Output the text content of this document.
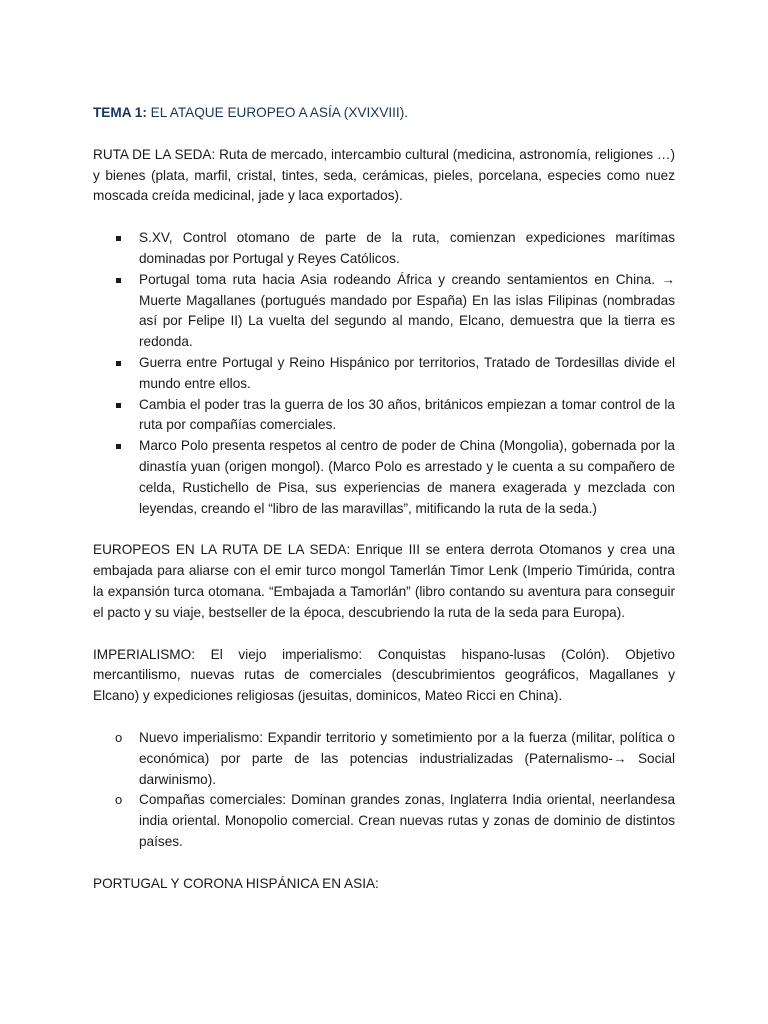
TEMA 1: EL ATAQUE EUROPEO A ASÍA (XVIXVIII).

RUTA DE LA SEDA: Ruta de mercado, intercambio cultural (medicina, astronomía, religiones …) y bienes (plata, marfil, cristal, tintes, seda, cerámicas, pieles, porcelana, especies como nuez moscada creída medicinal, jade y laca exportados).

S.XV, Control otomano de parte de la ruta, comienzan expediciones marítimas dominadas por Portugal y Reyes Católicos.
Portugal toma ruta hacia Asia rodeando África y creando sentamientos en China. → Muerte Magallanes (portugués mandado por España) En las islas Filipinas (nombradas así por Felipe II) La vuelta del segundo al mando, Elcano, demuestra que la tierra es redonda.
Guerra entre Portugal y Reino Hispánico por territorios, Tratado de Tordesillas divide el mundo entre ellos.
Cambia el poder tras la guerra de los 30 años, británicos empiezan a tomar control de la ruta por compañías comerciales.
Marco Polo presenta respetos al centro de poder de China (Mongolia), gobernada por la dinastía yuan (origen mongol). (Marco Polo es arrestado y le cuenta a su compañero de celda, Rustichello de Pisa, sus experiencias de manera exagerada y mezclada con leyendas, creando el “libro de las maravillas”, mitificando la ruta de la seda.)

EUROPEOS EN LA RUTA DE LA SEDA: Enrique III se entera derrota Otomanos y crea una embajada para aliarse con el emir turco mongol Tamerlán Timor Lenk (Imperio Timúrida, contra la expansión turca otomana. “Embajada a Tamorlán” (libro contando su aventura para conseguir el pacto y su viaje, bestseller de la época, descubriendo la ruta de la seda para Europa).

IMPERIALISMO: El viejo imperialismo: Conquistas hispano-lusas (Colón). Objetivo mercantilismo, nuevas rutas de comerciales (descubrimientos geográficos, Magallanes y Elcano) y expediciones religiosas (jesuitas, dominicos, Mateo Ricci en China).

o Nuevo imperialismo: Expandir territorio y sometimiento por a la fuerza (militar, política o económica) por parte de las potencias industrializadas (Paternalismo-→ Social darwinismo).
o Compañas comerciales: Dominan grandes zonas, Inglaterra India oriental, neerlandesa india oriental. Monopolio comercial. Crean nuevas rutas y zonas de dominio de distintos países.

PORTUGAL Y CORONA HISPÁNICA EN ASIA:
